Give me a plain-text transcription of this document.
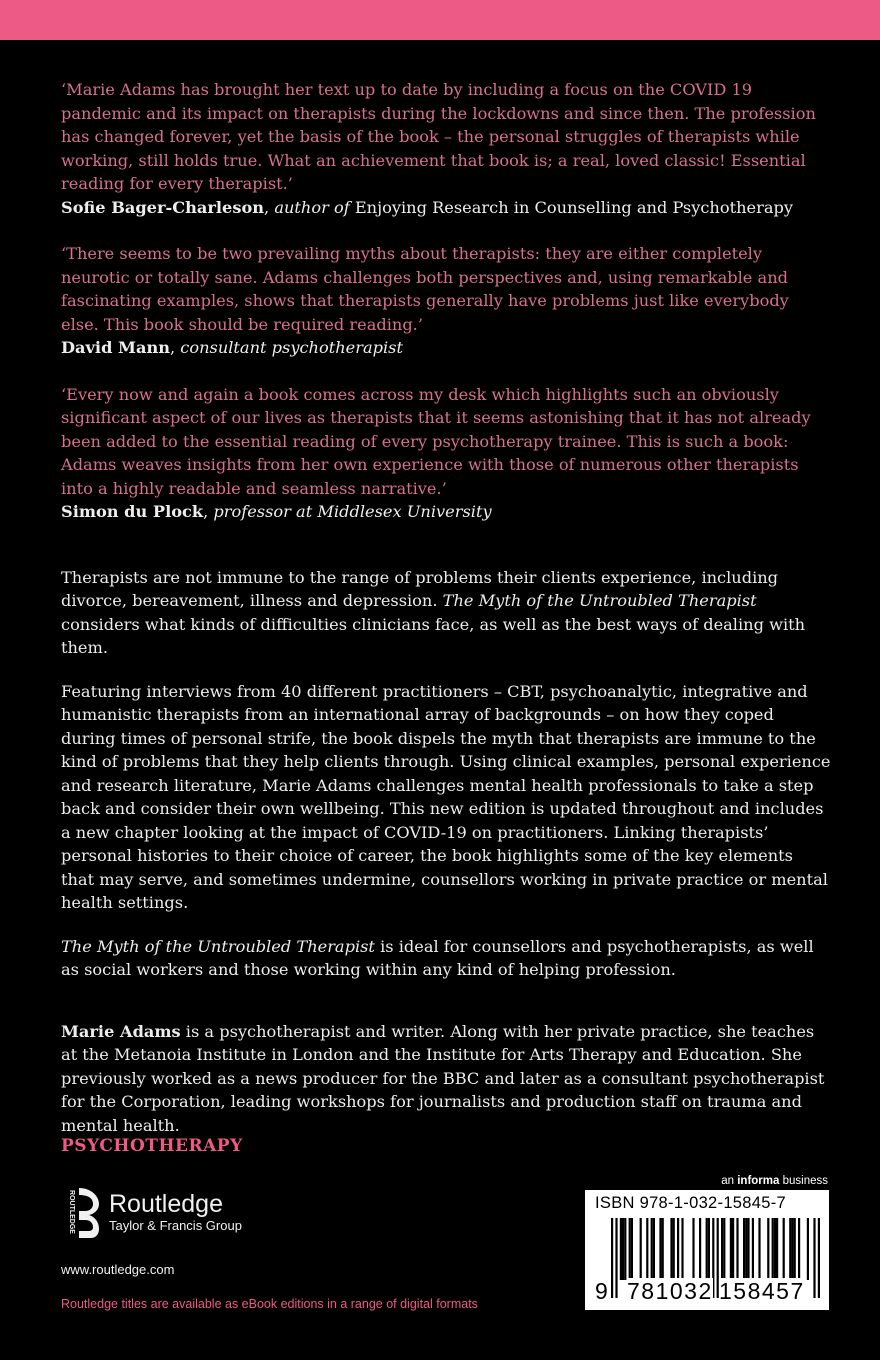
‘Marie Adams has brought her text up to date by including a focus on the COVID 19 pandemic and its impact on therapists during the lockdowns and since then. The profession has changed forever, yet the basis of the book – the personal struggles of therapists while working, still holds true. What an achievement that book is; a real, loved classic! Essential reading for every therapist.’

Sofie Bager-Charleson, author of Enjoying Research in Counselling and Psychotherapy

‘There seems to be two prevailing myths about therapists: they are either completely neurotic or totally sane. Adams challenges both perspectives and, using remarkable and fascinating examples, shows that therapists generally have problems just like everybody else. This book should be required reading.’

David Mann, consultant psychotherapist

‘Every now and again a book comes across my desk which highlights such an obviously significant aspect of our lives as therapists that it seems astonishing that it has not already been added to the essential reading of every psychotherapy trainee. This is such a book: Adams weaves insights from her own experience with those of numerous other therapists into a highly readable and seamless narrative.’

Simon du Plock, professor at Middlesex University

Therapists are not immune to the range of problems their clients experience, including divorce, bereavement, illness and depression. The Myth of the Untroubled Therapist considers what kinds of difficulties clinicians face, as well as the best ways of dealing with them.

Featuring interviews from 40 different practitioners – CBT, psychoanalytic, integrative and humanistic therapists from an international array of backgrounds – on how they coped during times of personal strife, the book dispels the myth that therapists are immune to the kind of problems that they help clients through. Using clinical examples, personal experience and research literature, Marie Adams challenges mental health professionals to take a step back and consider their own wellbeing. This new edition is updated throughout and includes a new chapter looking at the impact of COVID-19 on practitioners. Linking therapists’ personal histories to their choice of career, the book highlights some of the key elements that may serve, and sometimes undermine, counsellors working in private practice or mental health settings.

The Myth of the Untroubled Therapist is ideal for counsellors and psychotherapists, as well as social workers and those working within any kind of helping profession.

Marie Adams is a psychotherapist and writer. Along with her private practice, she teaches at the Metanoia Institute in London and the Institute for Arts Therapy and Education. She previously worked as a news producer for the BBC and later as a consultant psychotherapist for the Corporation, leading workshops for journalists and production staff on trauma and mental health.

PSYCHOTHERAPY
ROUTLEDGE Routledge
Taylor & Francis Group
www.routledge.com
Routledge titles are available as eBook editions in a range of digital formats
an informa business
ISBN 978-1-032-15845-7
9 781032 158457
